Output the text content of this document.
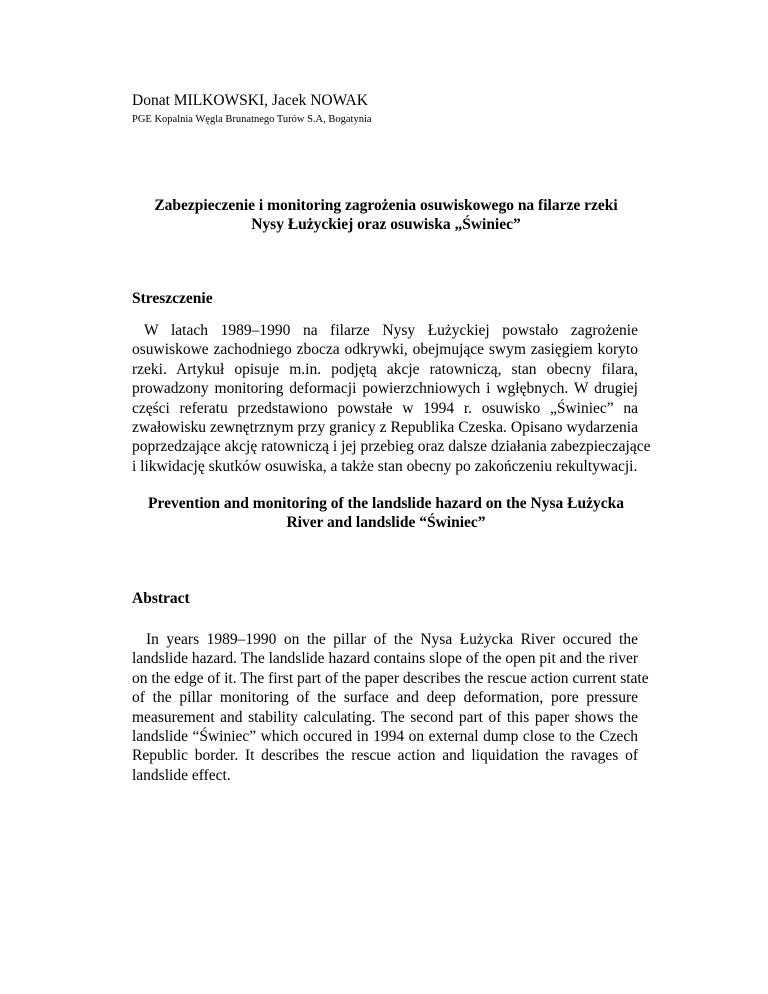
Donat MILKOWSKI, Jacek NOWAK
PGE Kopalnia Węgla Brunatnego Turów S.A, Bogatynia
Zabezpieczenie i monitoring zagrożenia osuwiskowego na filarze rzeki
Nysy Łużyckiej oraz osuwiska „Świniec”
Streszczenie
W latach 1989–1990 na filarze Nysy Łużyckiej powstało zagrożenie
osuwiskowe zachodniego zbocza odkrywki, obejmujące swym zasięgiem koryto
rzeki. Artykuł opisuje m.in. podjętą akcje ratowniczą, stan obecny filara,
prowadzony monitoring deformacji powierzchniowych i wgłębnych. W drugiej
części referatu przedstawiono powstałe w 1994 r. osuwisko „Świniec” na
zwałowisku zewnętrznym przy granicy z Republika Czeska. Opisano wydarzenia
poprzedzające akcję ratowniczą i jej przebieg oraz dalsze działania zabezpieczające
i likwidację skutków osuwiska, a także stan obecny po zakończeniu rekultywacji.
Prevention and monitoring of the landslide hazard on the Nysa Łużycka
River and landslide “Świniec”
Abstract
In years 1989–1990 on the pillar of the Nysa Łużycka River occured the
landslide hazard. The landslide hazard contains slope of the open pit and the river
on the edge of it. The first part of the paper describes the rescue action current state
of the pillar monitoring of the surface and deep deformation, pore pressure
measurement and stability calculating. The second part of this paper shows the
landslide “Świniec” which occured in 1994 on external dump close to the Czech
Republic border. It describes the rescue action and liquidation the ravages of
landslide effect.
